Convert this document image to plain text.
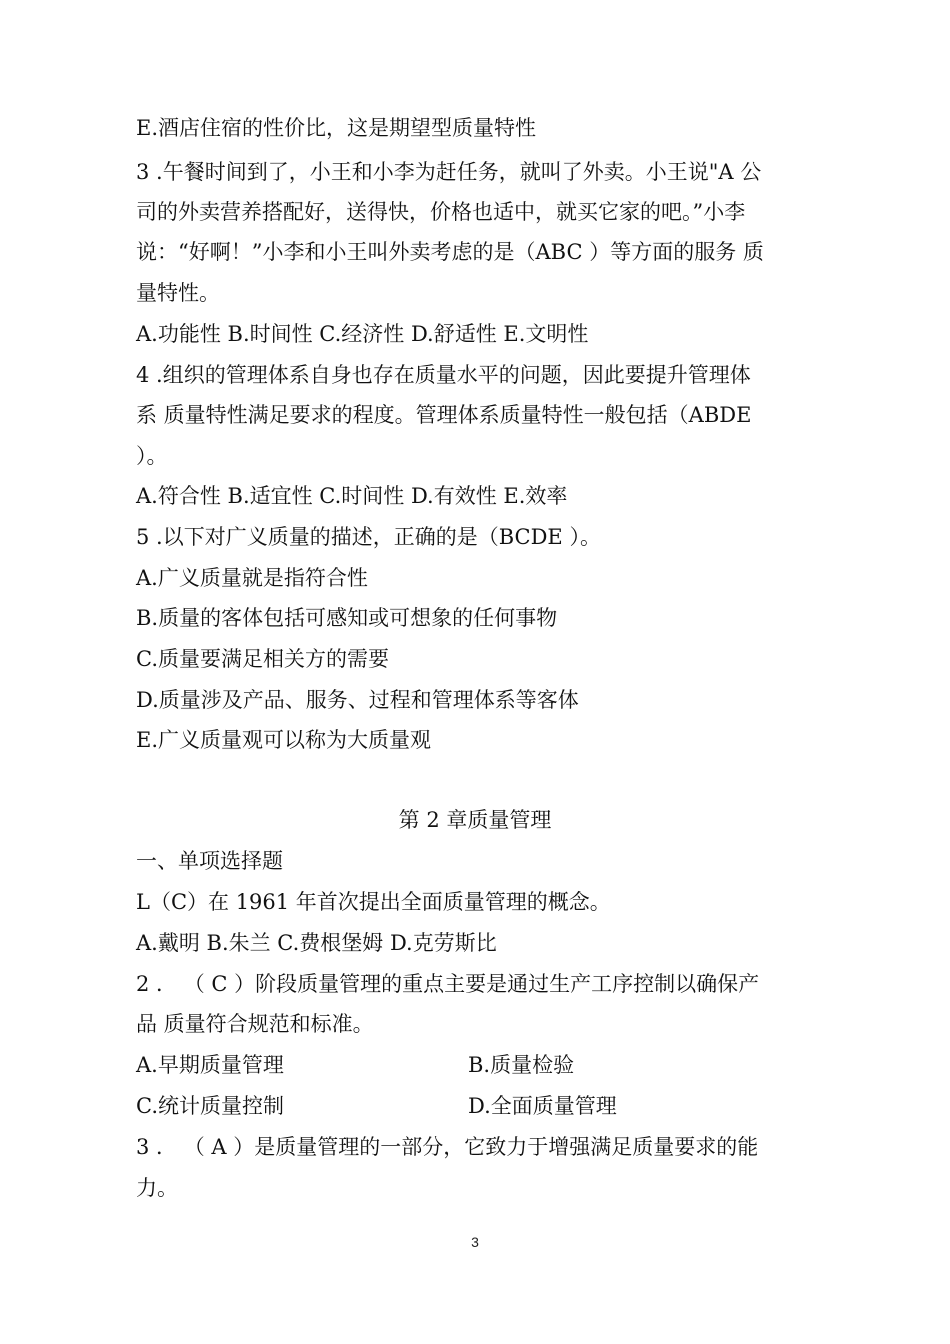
E.酒店住宿的性价比，这是期望型质量特性
3 .午餐时间到了，小王和小李为赶任务，就叫了外卖。小王说"A 公
司的外卖营养搭配好，送得快，价格也适中，就买它家的吧。”小李
说：“好啊！”小李和小王叫外卖考虑的是（ABC ）等方面的服务 质
量特性。
A.功能性 B.时间性 C.经济性 D.舒适性 E.文明性
4 .组织的管理体系自身也存在质量水平的问题，因此要提升管理体
系 质量特性满足要求的程度。管理体系质量特性一般包括（ABDE
）。
A.符合性 B.适宜性 C.时间性 D.有效性 E.效率
5 .以下对广义质量的描述，正确的是（BCDE ）。
A.广义质量就是指符合性
B.质量的客体包括可感知或可想象的任何事物
C.质量要满足相关方的需要
D.质量涉及产品、服务、过程和管理体系等客体
E.广义质量观可以称为大质量观
第 2 章质量管理
一、单项选择题
L（C）在 1961 年首次提出全面质量管理的概念。
A.戴明 B.朱兰 C.费根堡姆 D.克劳斯比
2 ． （ C ）阶段质量管理的重点主要是通过生产工序控制以确保产
品 质量符合规范和标准。
A.早期质量管理	B.质量检验
C.统计质量控制	D.全面质量管理
3 ． （ A ）是质量管理的一部分，它致力于增强满足质量要求的能
力。
3
